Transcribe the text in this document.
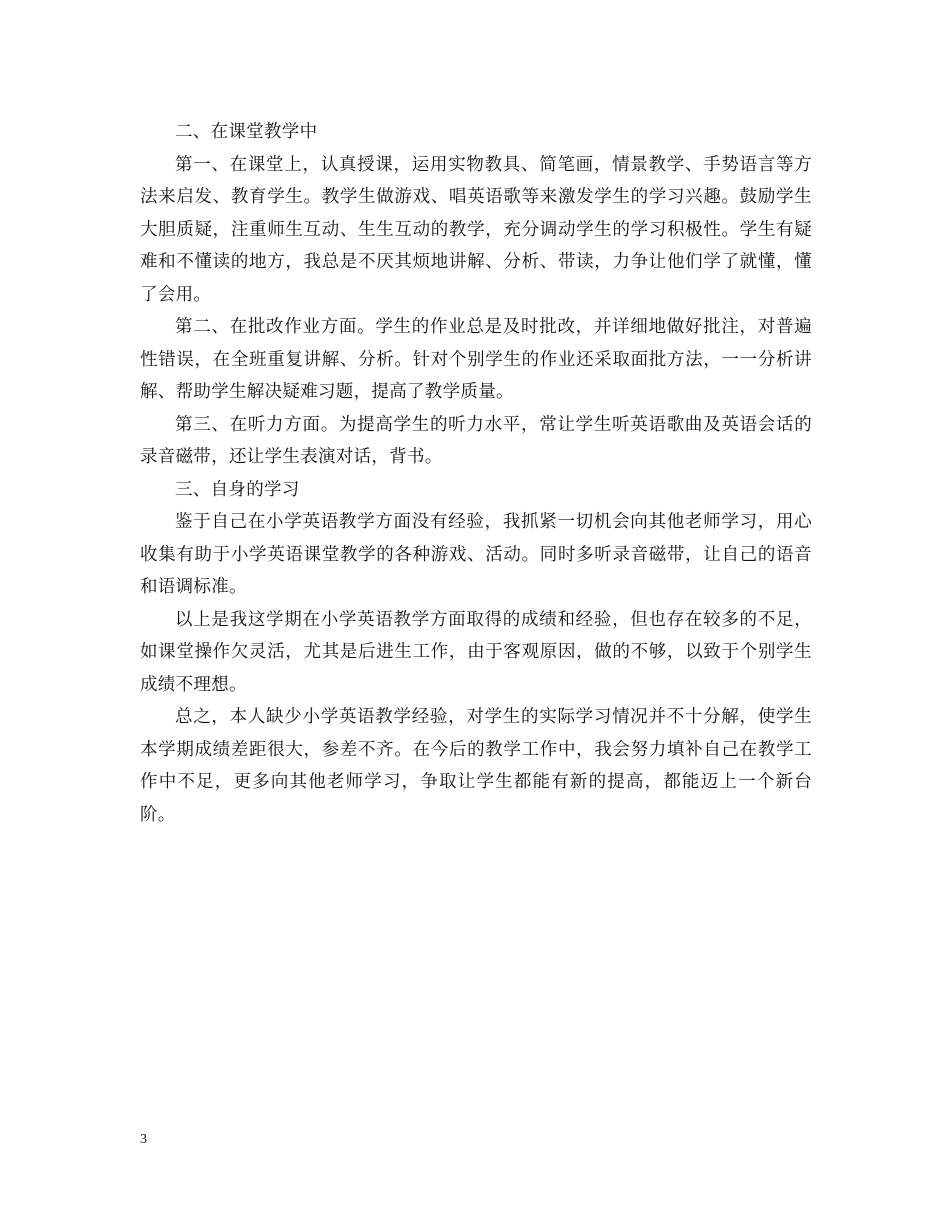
二、在课堂教学中

第一、在课堂上，认真授课，运用实物教具、简笔画，情景教学、手势语言等方法来启发、教育学生。教学生做游戏、唱英语歌等来激发学生的学习兴趣。鼓励学生大胆质疑，注重师生互动、生生互动的教学，充分调动学生的学习积极性。学生有疑难和不懂读的地方，我总是不厌其烦地讲解、分析、带读，力争让他们学了就懂，懂了会用。

第二、在批改作业方面。学生的作业总是及时批改，并详细地做好批注，对普遍性错误，在全班重复讲解、分析。针对个别学生的作业还采取面批方法，一一分析讲解、帮助学生解决疑难习题，提高了教学质量。

第三、在听力方面。为提高学生的听力水平，常让学生听英语歌曲及英语会话的录音磁带，还让学生表演对话，背书。

三、自身的学习

鉴于自己在小学英语教学方面没有经验，我抓紧一切机会向其他老师学习，用心收集有助于小学英语课堂教学的各种游戏、活动。同时多听录音磁带，让自己的语音和语调标准。

以上是我这学期在小学英语教学方面取得的成绩和经验，但也存在较多的不足，如课堂操作欠灵活，尤其是后进生工作，由于客观原因，做的不够，以致于个别学生成绩不理想。

总之，本人缺少小学英语教学经验，对学生的实际学习情况并不十分解，使学生本学期成绩差距很大，参差不齐。在今后的教学工作中，我会努力填补自己在教学工作中不足，更多向其他老师学习，争取让学生都能有新的提高，都能迈上一个新台阶。

3
